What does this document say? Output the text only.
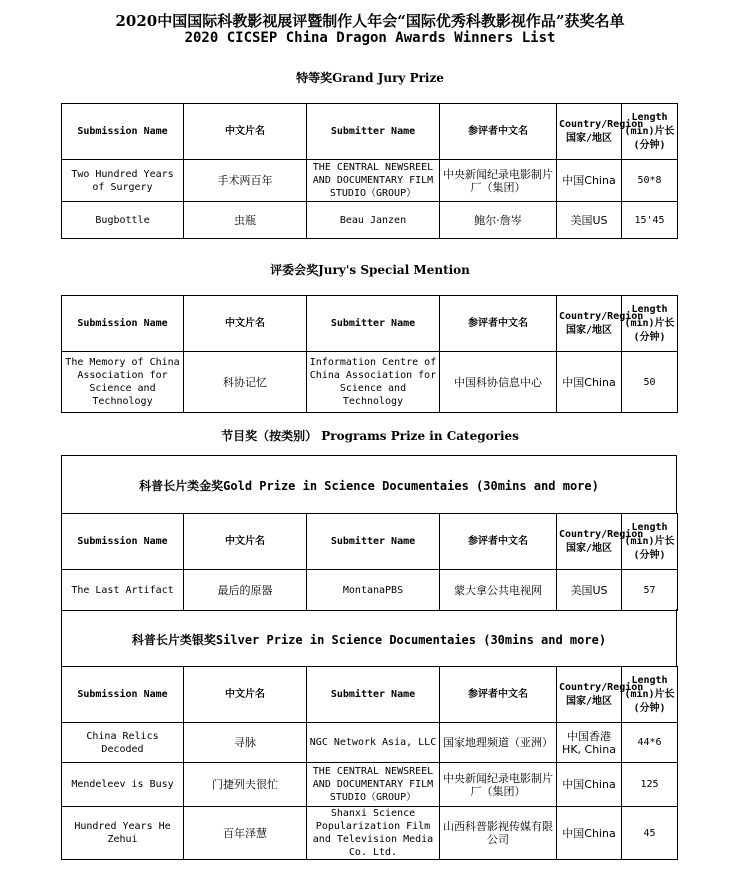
2020中国国际科教影视展评暨制作人年会“国际优秀科教影视作品”获奖名单
2020 CICSEP China Dragon Awards Winners List
特等奖Grand Jury Prize
Submission Name	中文片名	Submitter Name	参评者中文名	Country/Region国家/地区	Length (min)片长(分钟)
Two Hundred Years of Surgery	手术两百年	THE CENTRAL NEWSREEL AND DOCUMENTARY FILM STUDIO（GROUP）	中央新闻纪录电影制片厂（集团）	中国China	50*8
Bugbottle	虫瓶	Beau Janzen	鲍尔·詹岑	美国US	15'45
评委会奖Jury's Special Mention
Submission Name	中文片名	Submitter Name	参评者中文名	Country/Region国家/地区	Length (min)片长(分钟)
The Memory of China Association for Science and Technology	科协记忆	Information Centre of China Association for Science and Technology	中国科协信息中心	中国China	50
节目奖（按类别） Programs Prize in Categories
科普长片类金奖Gold Prize in Science Documentaies (30mins and more)
Submission Name	中文片名	Submitter Name	参评者中文名	Country/Region国家/地区	Length (min)片长(分钟)
The Last Artifact	最后的原器	MontanaPBS	蒙大拿公共电视网	美国US	57
科普长片类银奖Silver Prize in Science Documentaies (30mins and more)
Submission Name	中文片名	Submitter Name	参评者中文名	Country/Region国家/地区	Length (min)片长(分钟)
China Relics Decoded	寻脉	NGC Network Asia, LLC	国家地理频道（亚洲）	中国香港HK, China	44*6
Mendeleev is Busy	门捷列夫很忙	THE CENTRAL NEWSREEL AND DOCUMENTARY FILM STUDIO（GROUP）	中央新闻纪录电影制片厂（集团）	中国China	125
Hundred Years He Zehui	百年泽慧	Shanxi Science Popularization Film and Television Media Co. Ltd.	山西科普影视传媒有限公司	中国China	45
